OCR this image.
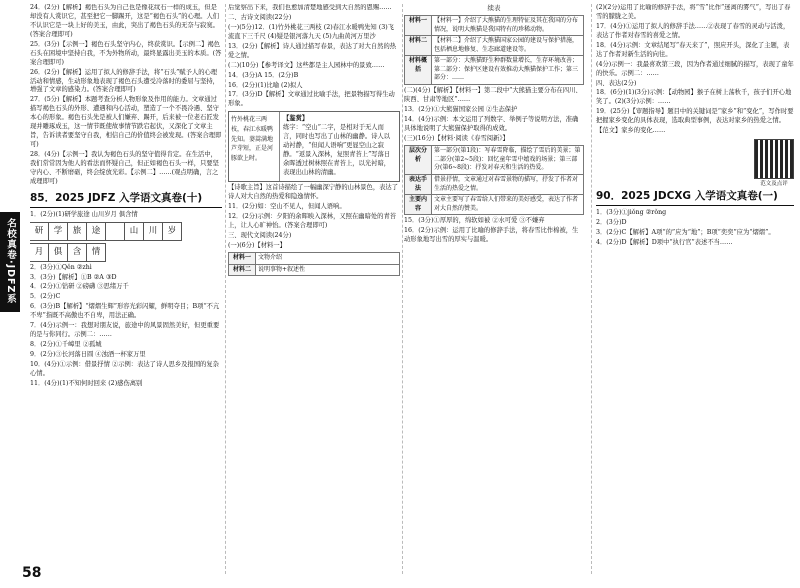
名校真卷·JDFZ系

24．(2分)【解析】褐色石头为自己也是像花纹石一样的成玉，但是却没有人赏识它，甚至把它一脚踢开，这是“褐色石头”的心理。人们不认识它是一块上好的美玉，由此，突出了褐色石头的无奈与寂寞。(答案合理即可)

25．(3分)【示例一】褐色石头坚守内心，终获赏识。【示例二】褐色石头在困境中坚持自我，不为外物所动，最终显露出美玉的本质。(答案合理即可)

26．(2分)【解析】运用了拟人的修辞手法，将“石头”赋予人的心理活动和情感，生动形象地表现了褐色石头遭受冷落时的委屈与坚持，增强了文章的感染力。(答案合理即可)

27．(5分)【解析】本题考查分析人物形象及作用的能力。文章通过描写褐色石头的外形、遭遇和内心活动，塑造了一个不畏冷遇、坚守本心的形象。褐色石头先是被人们嫌弃、踢开，后来被一位老石匠发现并雕琢成玉，这一情节既使故事情节跌宕起伏，又深化了文章主旨，告诉读者要坚守自我，相信自己的价值终会被发现。(答案合理即可)

28．(4分)【示例一】我认为褐色石头的坚守值得肯定。在生活中，我们常常因为他人的看法而怀疑自己，但正如褐色石头一样，只要坚守内心、不断磨砺，终会绽放光彩。【示例二】……(观点明确，言之成理即可)

85．2025 JDFZ 入学语文真卷(十)

1．(2分)(1)研学旅途 山川岁月 俱含情

研	学	旅	途	山	川	岁
月	俱	含	情

2．(3分)①Qěn ②zhì

3．(3分)【解析】①B ②A ③D

4．(2分)①钻研 ②磅礴 ③思绪万千

5．(2分)C

6．(3分)B【解析】“熠熠生辉”形容光彩闪耀，鲜明夺目；B项“不亢不卑”指既不高傲也不自卑，用法正确。

7．(4分)示例一：我想对朋友说，旅途中的风景固然美好，但更重要的是与你同行。示例二：……

8．(2分)①千嶂里 ②孤城

9．(2分)③长河落日圆 ④浊酒一杯家万里

10．(4分)①示例：借景抒情 ②示例：表达了诗人思乡及报国的复杂心情。

11．(4分)(1)不知何时回来 (2)感伤离别

后觉察出下来，我们也愈加清楚地感受到大自然的恩赐……

二、古诗文阅读(22分)

(一)(5分)12．(1)竹外桃花三两枝 (2)春江水暖鸭先知 (3)飞流直下三千尺 (4)疑是银河落九天 (5)九曲黄河万里沙

13．(2分)【解析】诗人通过描写春景，表达了对大自然的热爱之情。

(二)(10分)【参考译文】这些都是主人园林中的景致……

14．(3分)A 15．(2分)B

16．(2分)(1)比喻 (2)拟人

17．(3分)D【解析】文章通过比喻手法，把景物描写得生动形象。

竹外桃花三两枝，春江水暖鸭先知。蒌蒿满地芦芽短，正是河豚欲上时。
【鉴赏】
练字：“空山”二字，是相对于无人而言，同时也写出了山林的幽静。诗人以动衬静，“但闻人语响”更显空山之寂静。“返景入深林，复照青苔上”写落日余晖透过树林照在青苔上，以光衬暗，表现出山林的清幽。

【诗歌主旨】这首诗描绘了一幅幽深宁静的山林景色，表达了诗人对大自然的热爱和隐逸情怀。

11．(2分)如：空山不见人，但闻人语响。

12．(2分)示例：夕阳的余晖映入深林，又照在幽暗处的青苔上，让人心旷神怡。(答案合理即可)

三、现代文阅读(24分)

(一)(6分)【材料一】

材料一	文物介绍
材料二	说明事物+叙述性
续表
材料一	【材料一】介绍了大熊猫的生理特征及其在我国的分布情况，说明大熊猫是我国特有的珍稀动物。
材料二	【材料二】介绍了大熊猫国家公园的建设与保护措施，包括栖息地修复、生态廊道建设等。
材料概括	第一部分：大熊猫野生种群数量增长，生存环境改善；第二部分：保护区建设有效推动大熊猫保护工作；第三部分：……

(二)(4分)【解析】【材料一】第二段中“大熊猫主要分布在四川、陕西、甘肃等地区”……

13．(2分)①大熊猫国家公园 ②生态保护

14．(4分)示例：本文运用了列数字、举例子等说明方法，准确具体地说明了大熊猫保护取得的成效。

(三)(16分)【材料·阅读《春雪阅新》】

层次分析	第一部分(第1段)：写春雪降临，描绘了雪后的美景；第二部分(第2~5段)：回忆童年雪中嬉戏的场景；第三部分(第6~8段)：抒发对春天和生活的热爱。
表达手法	借景抒情，文章通过对春雪景物的描写，抒发了作者对生活的热爱之情。
主要内容	文章主要写了春雪给人们带来的美好感受，表达了作者对大自然的赞美。

15．(3分)①厚厚的，绵软如被 ②水可爱 ③不嫌弃

16．(2分)示例：运用了比喻的修辞手法，将春雪比作棉被，生动形象地写出雪的厚实与温暖。

(2)(2分)运用了比喻的修辞手法，将“雪”比作“迷离的雾气”，写出了春雪的朦胧之美。

17．(4分)①运用了拟人的修辞手法……②表现了春雪的灵动与活泼，表达了作者对春雪的喜爱之情。

18．(4分)示例：文章结尾写“春天来了”，照应开头，深化了主题，表达了作者对新生活的向往。

(4分)示例一：我最喜欢第三段，因为作者通过细腻的描写，表现了童年的快乐。示例二：……

四、表达(2分)

18．(6分)(1)(3分)示例：【动物园】猴子在树上荡秋千，孩子们开心地笑了。(2)(3分)示例：……

19．(25分)【审题指导】题目中的关键词是“家乡”和“变化”，写作时要把握家乡变化的具体表现，选取典型事例，表达对家乡的热爱之情。

【范文】家乡的变化……

范文及点评
90．2025 JDCXG 入学语文真卷(一)

1．(3分)①jiǒng ②rǒng

2．(3分)D

3．(2分)C【解析】A项“的”应为“地”；B项“奕奕”应为“熠熠”。

4．(2分)D【解析】D项中“执行官”表述不当……

58
